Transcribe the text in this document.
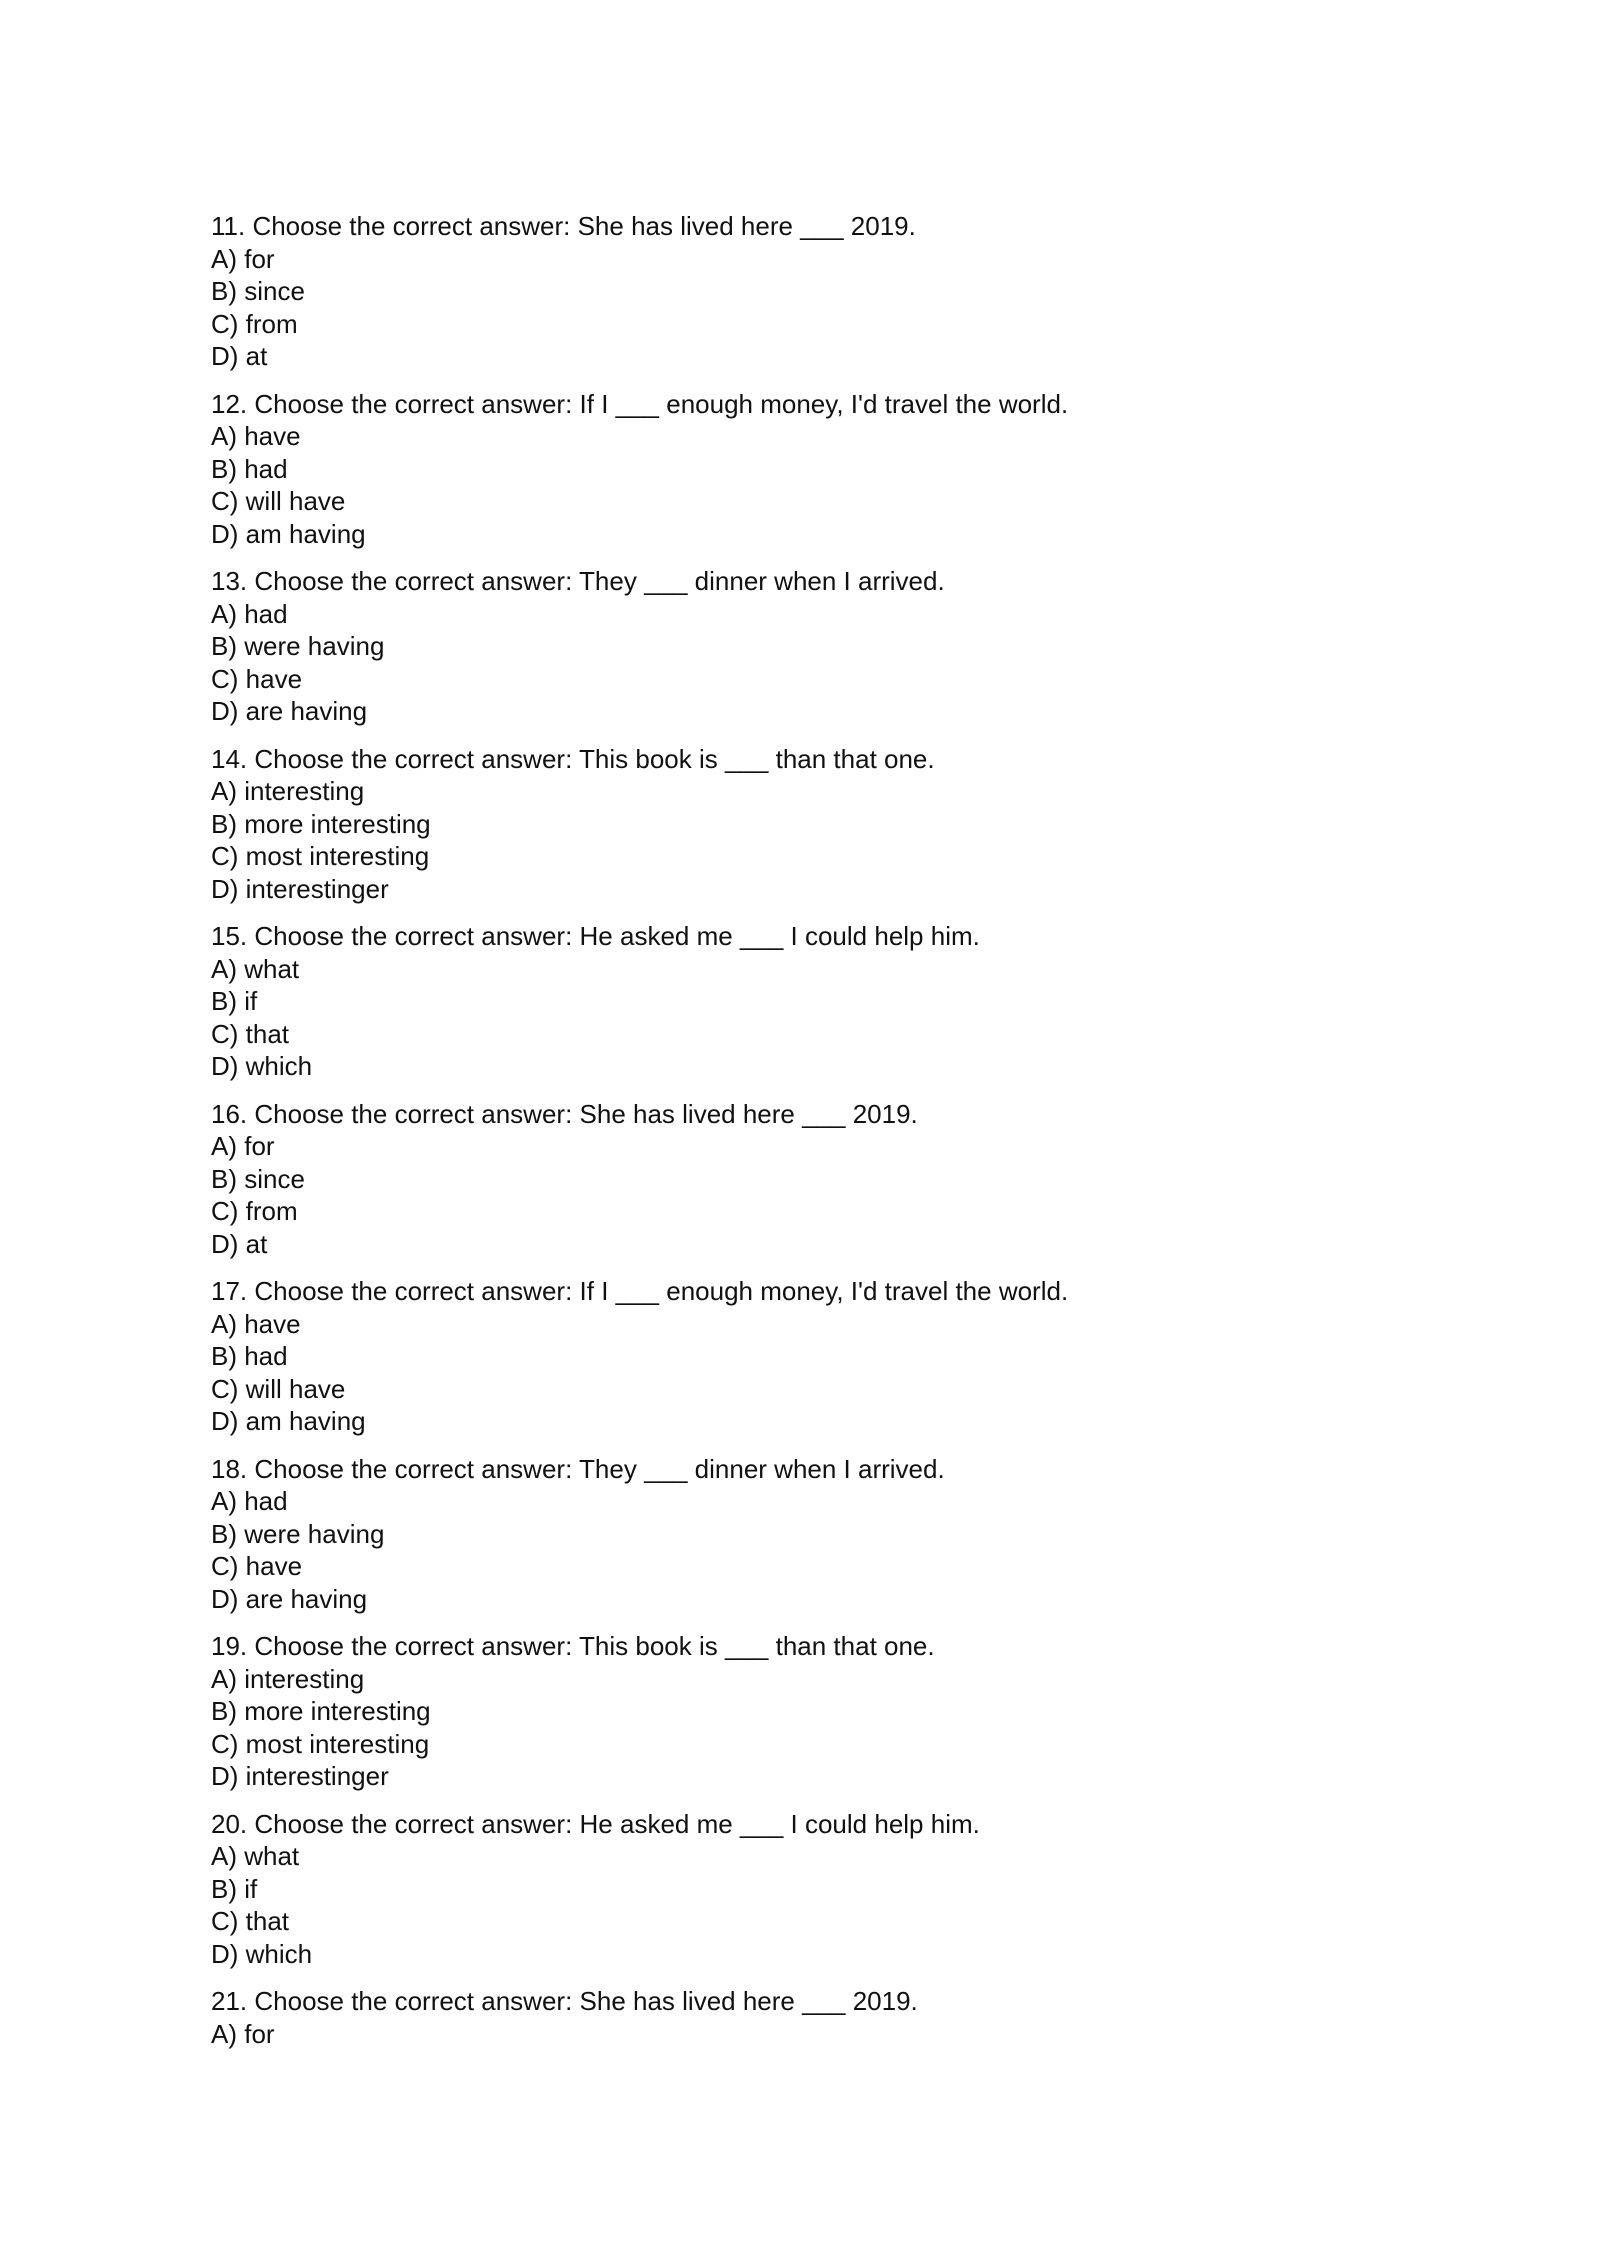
11. Choose the correct answer: She has lived here ___ 2019.

A) for

B) since

C) from

D) at

12. Choose the correct answer: If I ___ enough money, I'd travel the world.

A) have

B) had

C) will have

D) am having

13. Choose the correct answer: They ___ dinner when I arrived.

A) had

B) were having

C) have

D) are having

14. Choose the correct answer: This book is ___ than that one.

A) interesting

B) more interesting

C) most interesting

D) interestinger

15. Choose the correct answer: He asked me ___ I could help him.

A) what

B) if

C) that

D) which

16. Choose the correct answer: She has lived here ___ 2019.

A) for

B) since

C) from

D) at

17. Choose the correct answer: If I ___ enough money, I'd travel the world.

A) have

B) had

C) will have

D) am having

18. Choose the correct answer: They ___ dinner when I arrived.

A) had

B) were having

C) have

D) are having

19. Choose the correct answer: This book is ___ than that one.

A) interesting

B) more interesting

C) most interesting

D) interestinger

20. Choose the correct answer: He asked me ___ I could help him.

A) what

B) if

C) that

D) which

21. Choose the correct answer: She has lived here ___ 2019.

A) for
